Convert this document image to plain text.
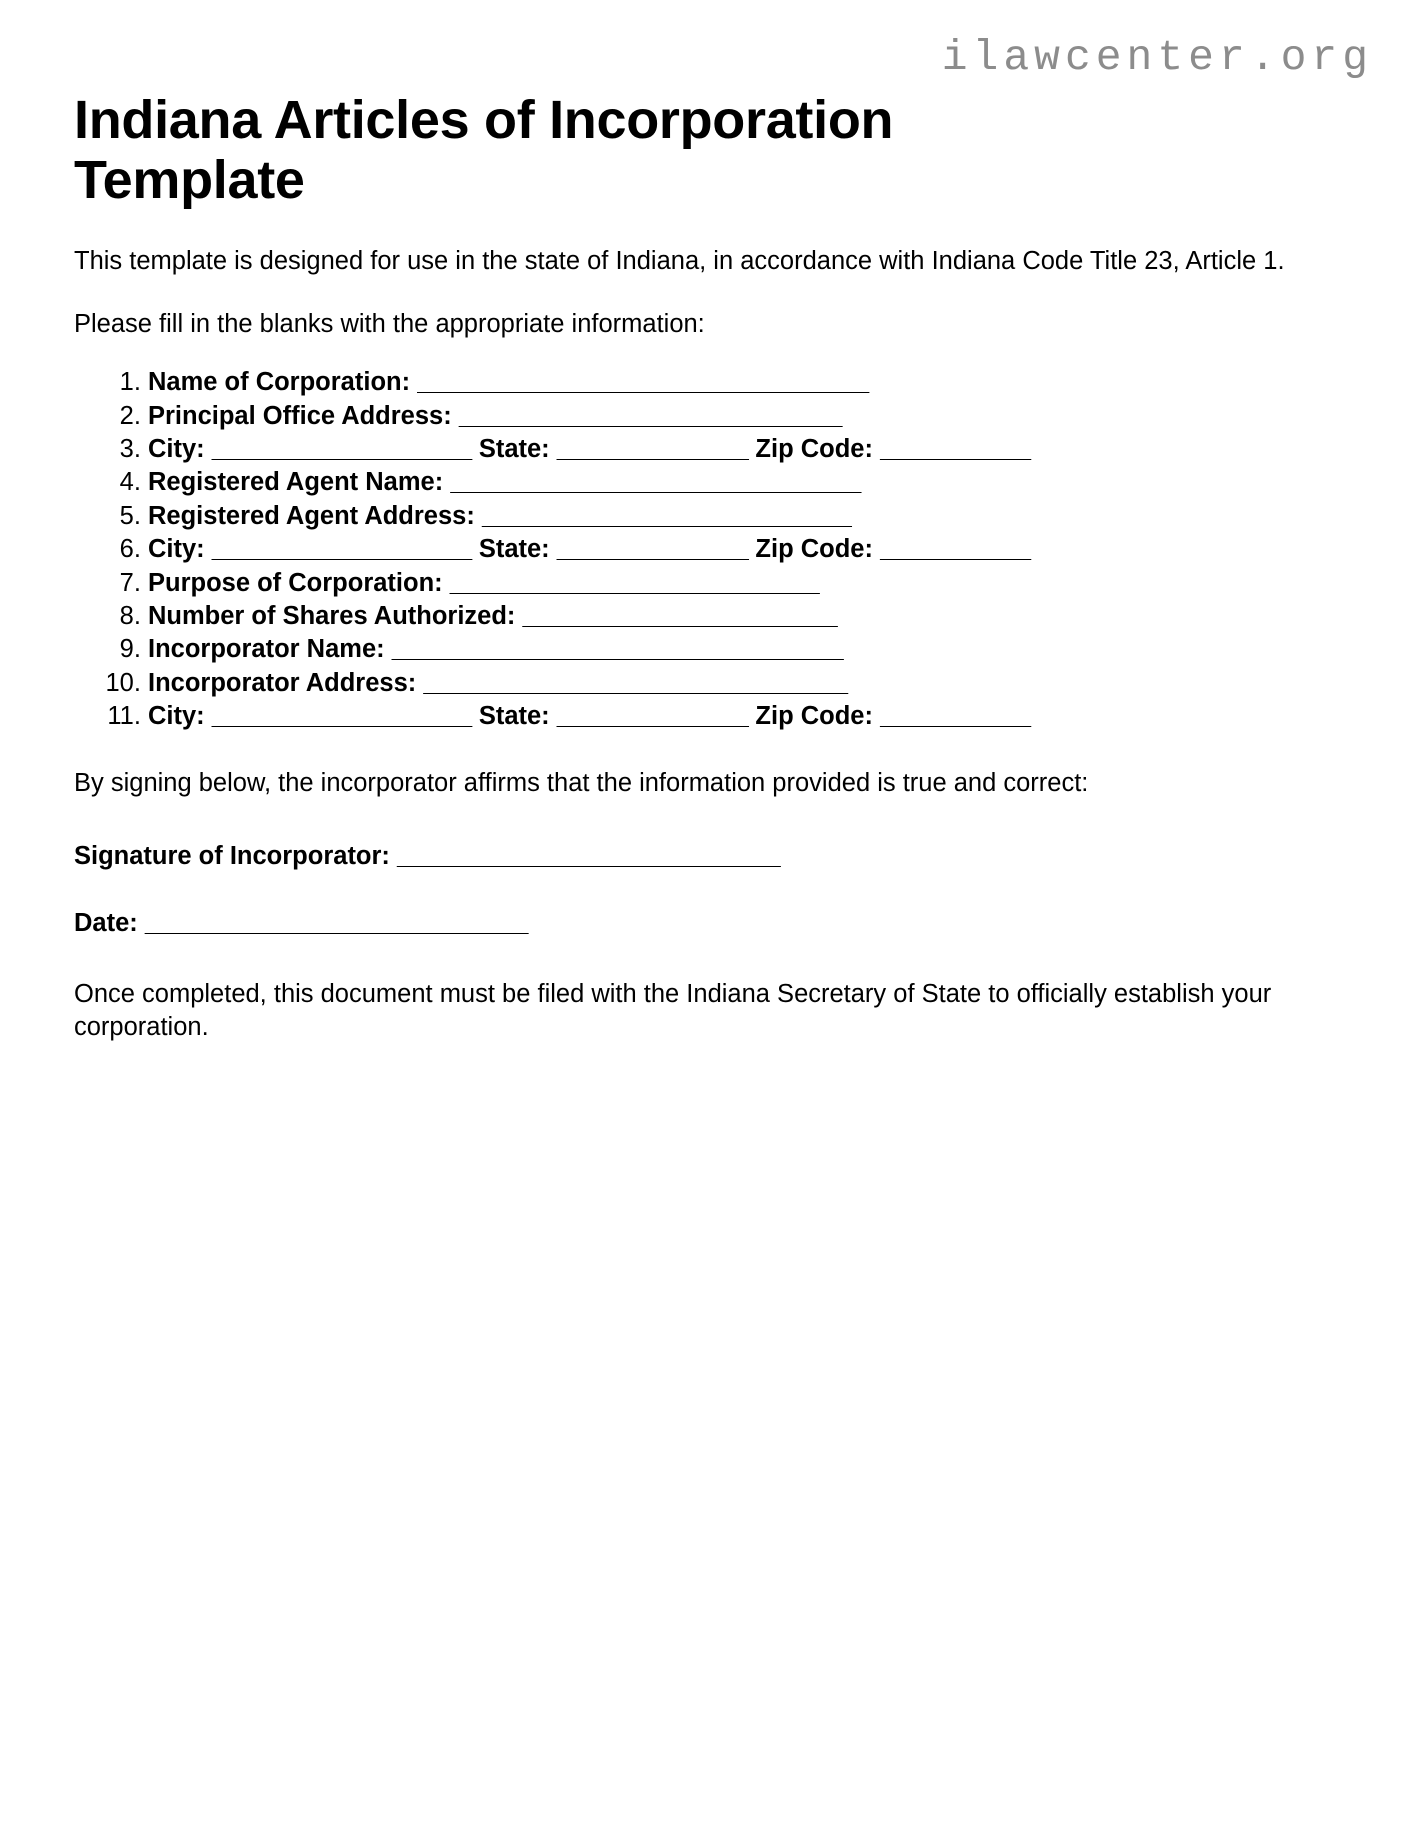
ilawcenter.org
Indiana Articles of Incorporation Template

This template is designed for use in the state of Indiana, in accordance with Indiana Code Title 23, Article 1.

Please fill in the blanks with the appropriate information:

1. Name of Corporation: _________________________________
2. Principal Office Address: ____________________________
3. City: ___________________ State: ______________ Zip Code: ___________
4. Registered Agent Name: ______________________________
5. Registered Agent Address: ___________________________
6. City: ___________________ State: ______________ Zip Code: ___________
7. Purpose of Corporation: ___________________________
8. Number of Shares Authorized: _______________________
9. Incorporator Name: _________________________________
10. Incorporator Address: _______________________________
11. City: ___________________ State: ______________ Zip Code: ___________

By signing below, the incorporator affirms that the information provided is true and correct:

Signature of Incorporator: ____________________________
Date: ____________________________

Once completed, this document must be filed with the Indiana Secretary of State to officially establish your corporation.
